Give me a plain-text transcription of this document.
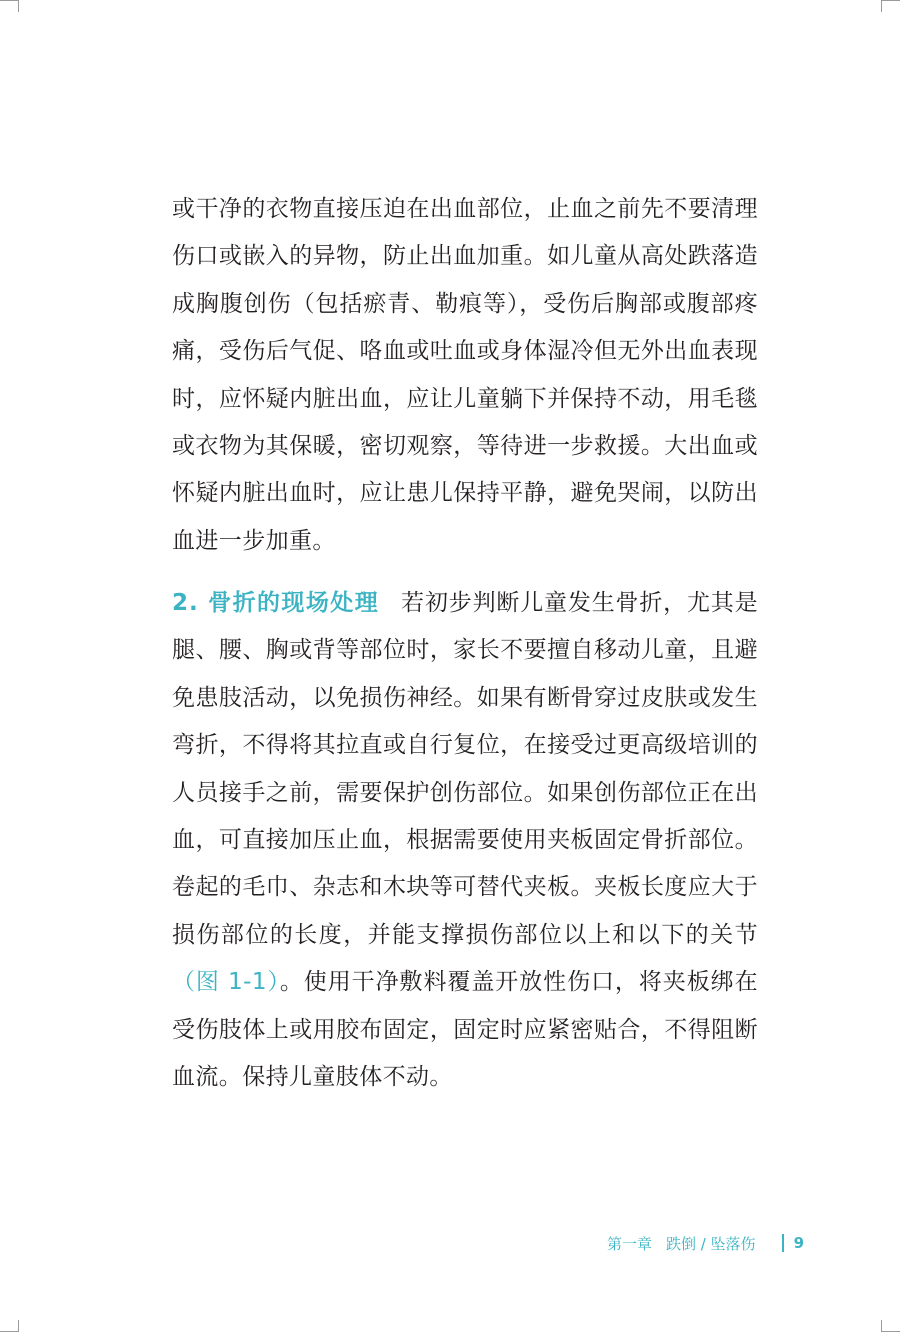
或干净的衣物直接压迫在出血部位，止血之前先不要清理伤口或嵌入的异物，防止出血加重。如儿童从高处跌落造成胸腹创伤（包括瘀青、勒痕等），受伤后胸部或腹部疼痛，受伤后气促、咯血或吐血或身体湿冷但无外出血表现时，应怀疑内脏出血，应让儿童躺下并保持不动，用毛毯或衣物为其保暖，密切观察，等待进一步救援。大出血或怀疑内脏出血时，应让患儿保持平静，避免哭闹，以防出血进一步加重。

2. 骨折的现场处理 若初步判断儿童发生骨折，尤其是腿、腰、胸或背等部位时，家长不要擅自移动儿童，且避免患肢活动，以免损伤神经。如果有断骨穿过皮肤或发生弯折，不得将其拉直或自行复位，在接受过更高级培训的人员接手之前，需要保护创伤部位。如果创伤部位正在出血，可直接加压止血，根据需要使用夹板固定骨折部位。卷起的毛巾、杂志和木块等可替代夹板。夹板长度应大于损伤部位的长度，并能支撑损伤部位以上和以下的关节（图 1-1）。使用干净敷料覆盖开放性伤口，将夹板绑在受伤肢体上或用胶布固定，固定时应紧密贴合，不得阻断血流。保持儿童肢体不动。

第一章 跌倒 / 坠落伤	9
